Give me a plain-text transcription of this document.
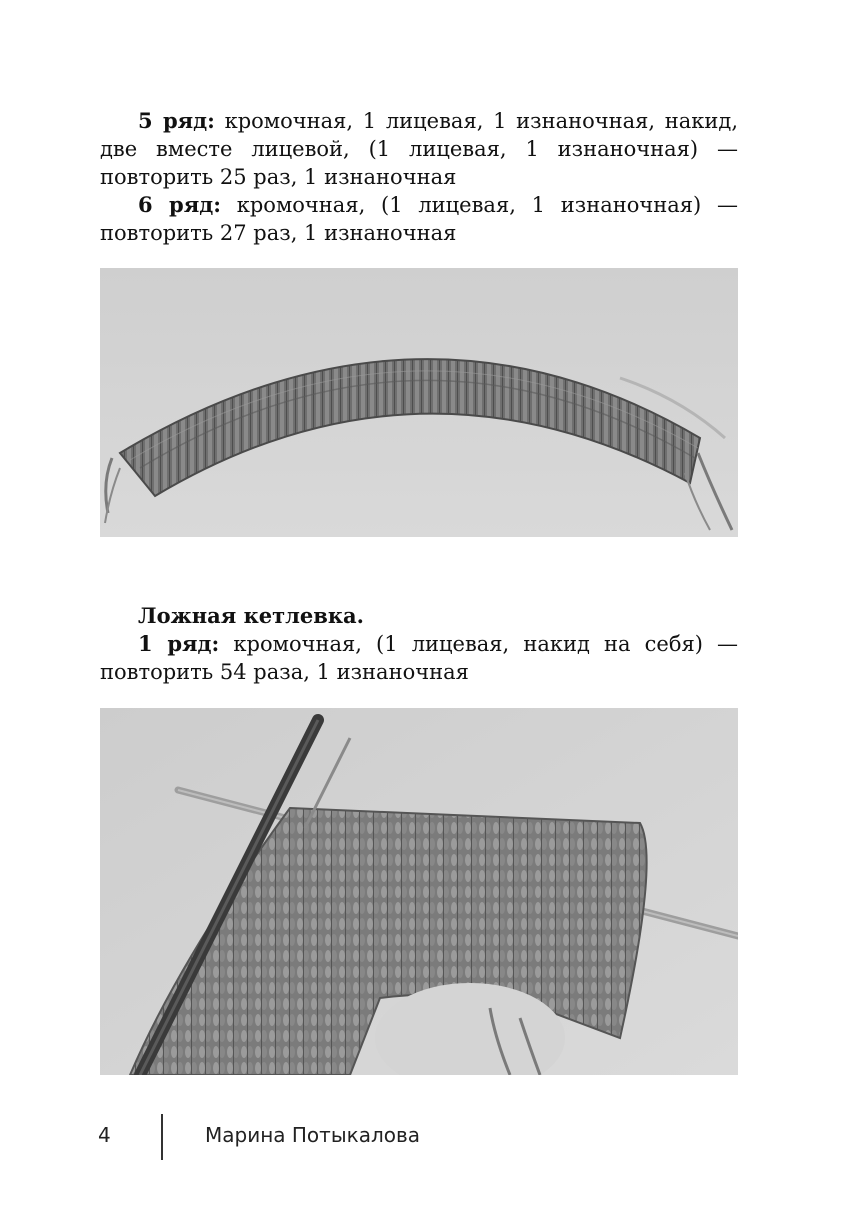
5 ряд: кромочная, 1 лицевая, 1 изнаночная, накид, две вместе лицевой, (1 лицевая, 1 изнаночная) — повторить 25 раз, 1 изнаночная

6 ряд: кромочная, (1 лицевая, 1 изнаночная) — повторить 27 раз, 1 изнаночная

Ложная кетлевка.

1 ряд: кромочная, (1 лицевая, накид на себя) — повторить 54 раза, 1 изнаночная

4	Марина Потыкалова
